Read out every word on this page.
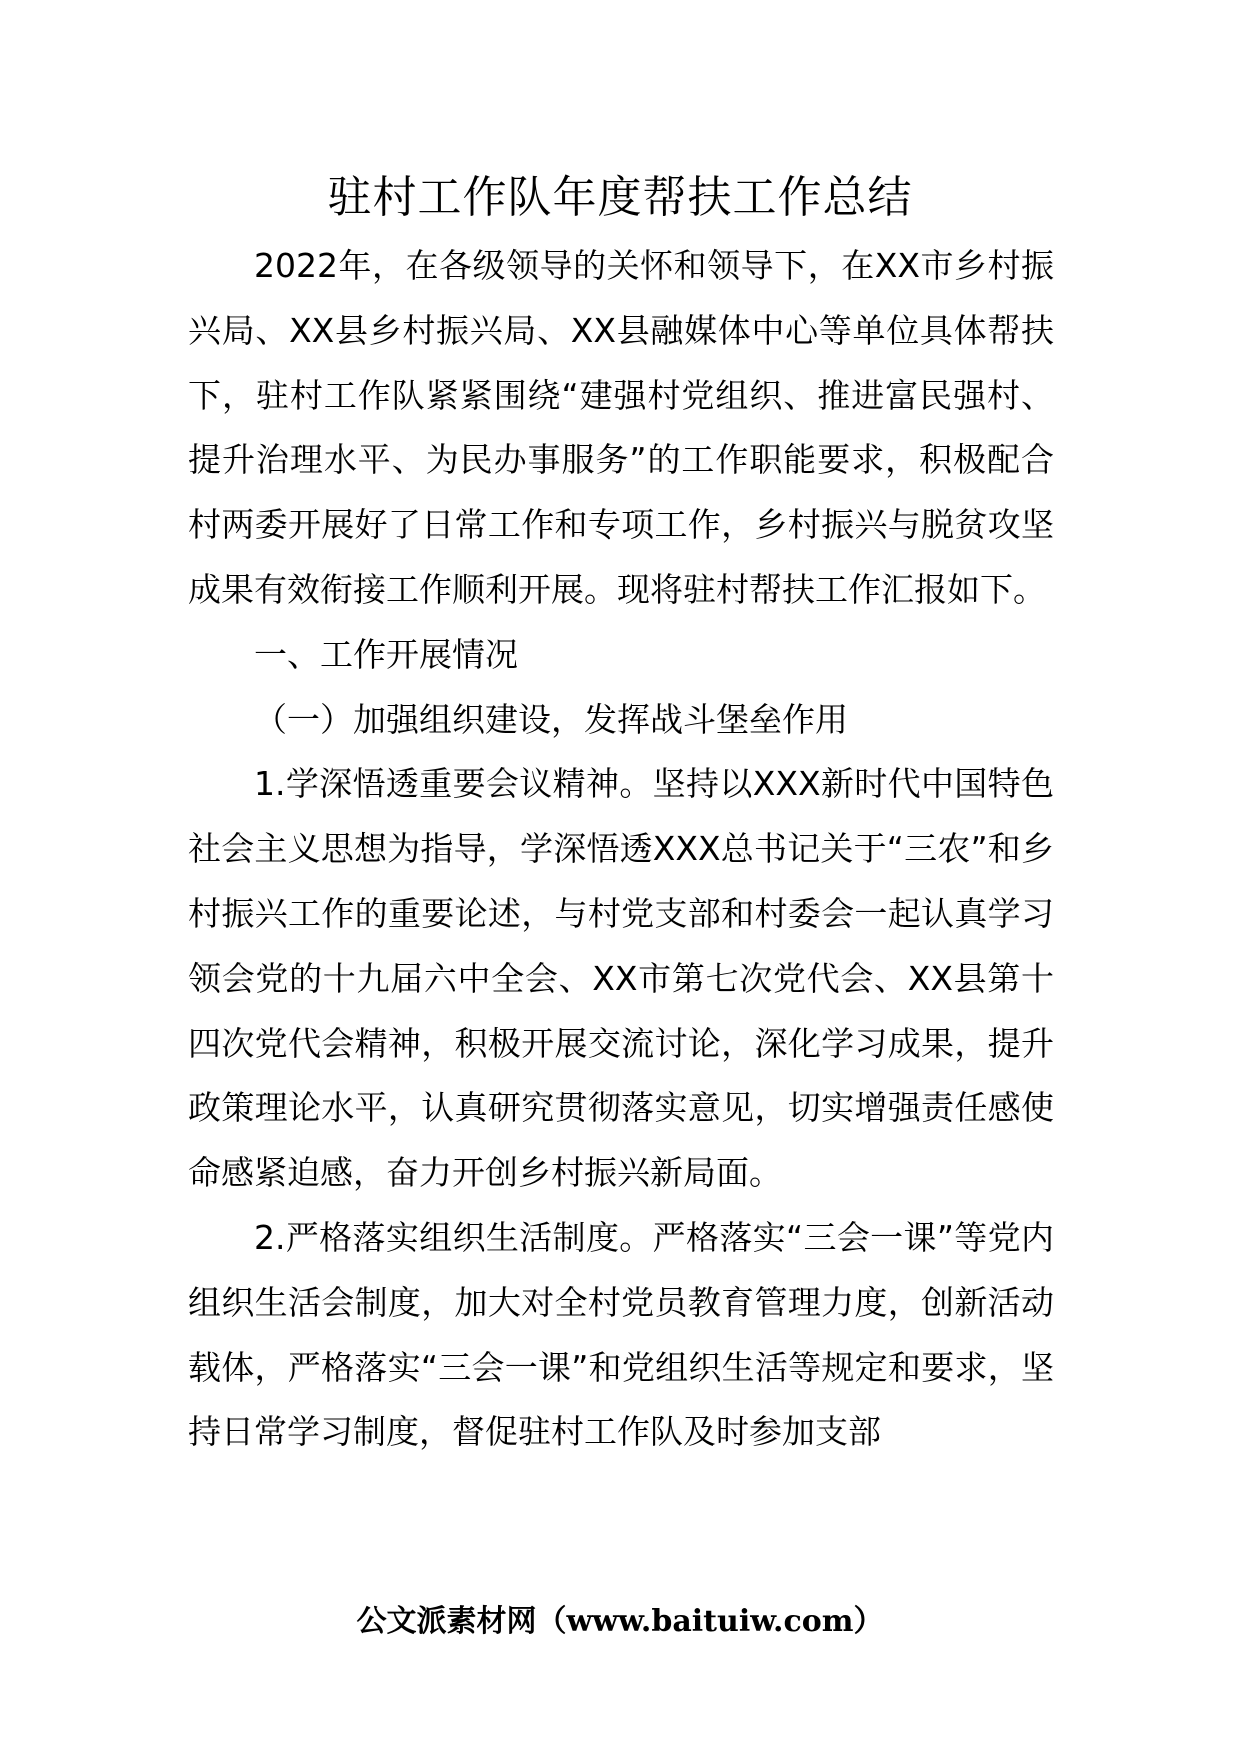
驻村工作队年度帮扶工作总结

2022年，在各级领导的关怀和领导下，在XX市乡村振兴局、XX县乡村振兴局、XX县融媒体中心等单位具体帮扶下，驻村工作队紧紧围绕“建强村党组织、推进富民强村、提升治理水平、为民办事服务”的工作职能要求，积极配合村两委开展好了日常工作和专项工作，乡村振兴与脱贫攻坚成果有效衔接工作顺利开展。现将驻村帮扶工作汇报如下。

一、工作开展情况

（一）加强组织建设，发挥战斗堡垒作用

1.学深悟透重要会议精神。坚持以XXX新时代中国特色社会主义思想为指导，学深悟透XXX总书记关于“三农”和乡村振兴工作的重要论述，与村党支部和村委会一起认真学习领会党的十九届六中全会、XX市第七次党代会、XX县第十四次党代会精神，积极开展交流讨论，深化学习成果，提升政策理论水平，认真研究贯彻落实意见，切实增强责任感使命感紧迫感，奋力开创乡村振兴新局面。

2.严格落实组织生活制度。严格落实“三会一课”等党内组织生活会制度，加大对全村党员教育管理力度，创新活动载体，严格落实“三会一课”和党组织生活等规定和要求，坚持日常学习制度，督促驻村工作队及时参加支部

公文派素材网（www.baituiw.com）
